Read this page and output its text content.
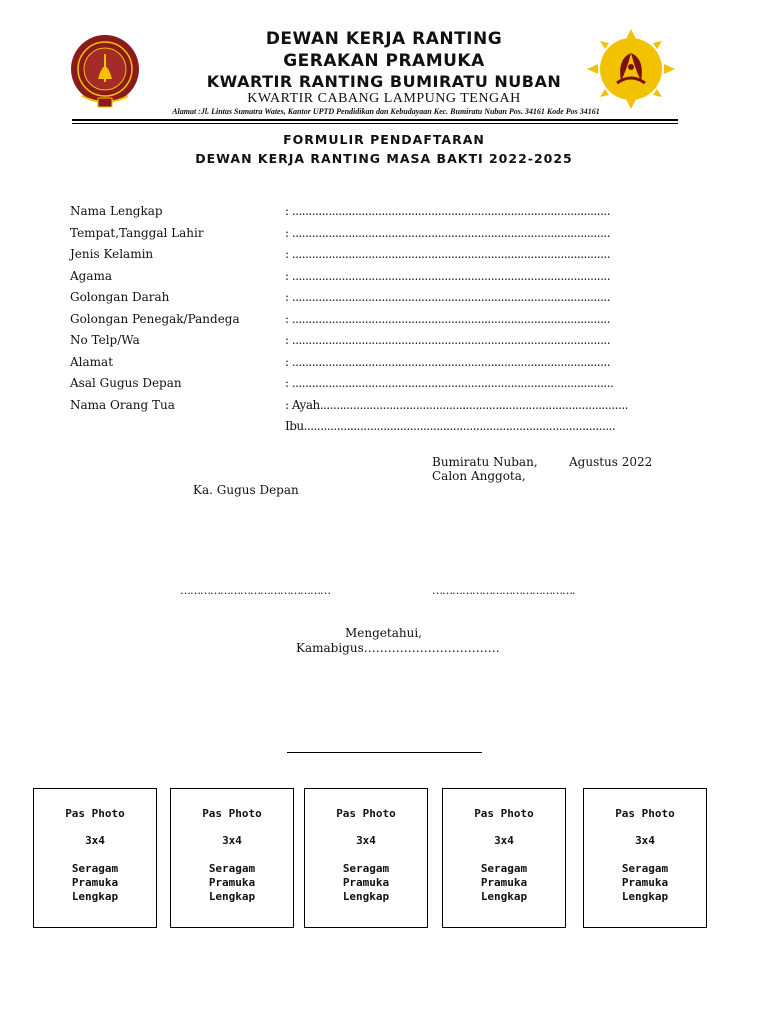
DEWAN KERJA RANTING
GERAKAN PRAMUKA
KWARTIR RANTING BUMIRATU NUBAN
KWARTIR CABANG LAMPUNG TENGAH
Alamat :Jl. Lintas Sumatra Wates, Kantor UPTD Pendidikan dan Kebudayaan Kec. Bumiratu Nuban Pos. 34161 Kode Pos 34161
FORMULIR PENDAFTARAN
DEWAN KERJA RANTING MASA BAKTI 2022-2025
Nama Lengkap	: ................................................................................................
Tempat,Tanggal Lahir	: ................................................................................................
Jenis Kelamin	: ................................................................................................
Agama	: ................................................................................................
Golongan Darah	: ................................................................................................
Golongan Penegak/Pandega	: ................................................................................................
No Telp/Wa	: ................................................................................................
Alamat	: ................................................................................................
Asal Gugus Depan	: .................................................................................................
Nama Orang Tua	: Ayah.............................................................................................
Ibu..............................................................................................
Bumiratu Nuban,	Agustus 2022
Calon Anggota,
Ka. Gugus Depan
………………………………………	…………………………………….
Mengetahui,
Kamabigus…………………………….
Pas Photo
3x4
Seragam
Pramuka
Lengkap
Pas Photo
3x4
Seragam
Pramuka
Lengkap
Pas Photo
3x4
Seragam
Pramuka
Lengkap
Pas Photo
3x4
Seragam
Pramuka
Lengkap
Pas Photo
3x4
Seragam
Pramuka
Lengkap
